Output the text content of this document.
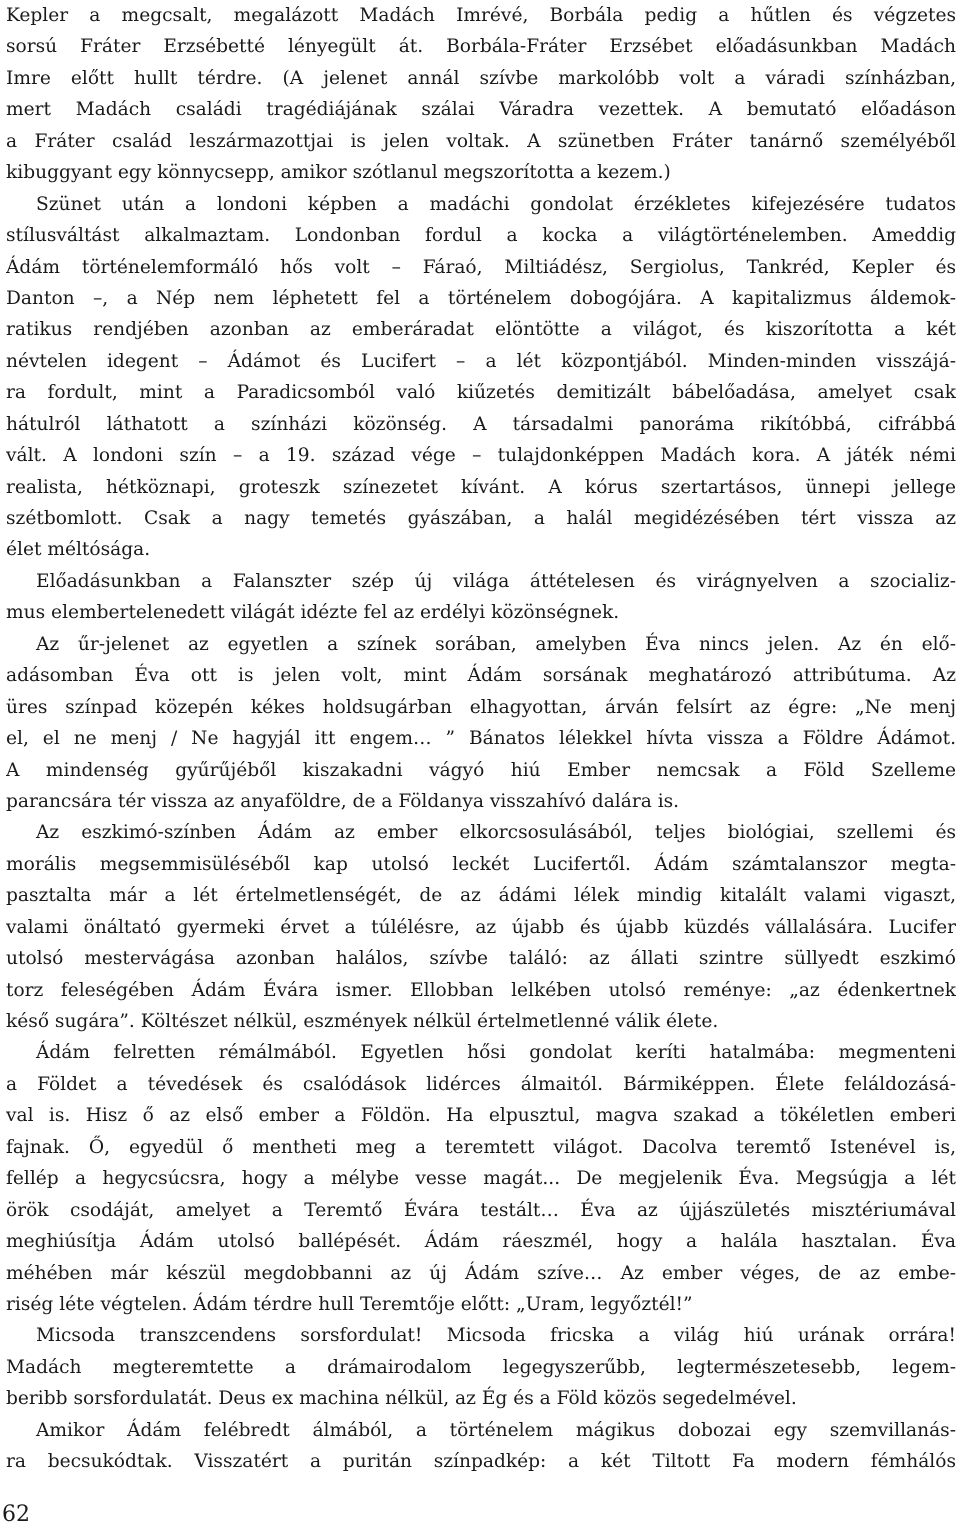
Kepler a megcsalt, megalázott Madách Imrévé, Borbála pedig a hűtlen és végzetes
sorsú Fráter Erzsébetté lényegült át. Borbála-Fráter Erzsébet előadásunkban Madách
Imre előtt hullt térdre. (A jelenet annál szívbe markolóbb volt a váradi színházban,
mert Madách családi tragédiájának szálai Váradra vezettek. A bemutató előadáson
a Fráter család leszármazottjai is jelen voltak. A szünetben Fráter tanárnő személyéből
kibuggyant egy könnycsepp, amikor szótlanul megszorította a kezem.)
Szünet után a londoni képben a madáchi gondolat érzékletes kifejezésére tudatos
stílusváltást alkalmaztam. Londonban fordul a kocka a világtörténelemben. Ameddig
Ádám történelemformáló hős volt – Fáraó, Miltiádész, Sergiolus, Tankréd, Kepler és
Danton –, a Nép nem léphetett fel a történelem dobogójára. A kapitalizmus áldemok-
ratikus rendjében azonban az emberáradat elöntötte a világot, és kiszorította a két
névtelen idegent – Ádámot és Lucifert – a lét központjából. Minden-minden visszájá-
ra fordult, mint a Paradicsomból való kiűzetés demitizált bábelőadása, amelyet csak
hátulról láthatott a színházi közönség. A társadalmi panoráma rikítóbbá, cifrábbá
vált. A londoni szín – a 19. század vége – tulajdonképpen Madách kora. A játék némi
realista, hétköznapi, groteszk színezetet kívánt. A kórus szertartásos, ünnepi jellege
szétbomlott. Csak a nagy temetés gyászában, a halál megidézésében tért vissza az
élet méltósága.
Előadásunkban a Falanszter szép új világa áttételesen és virágnyelven a szocializ-
mus elembertelenedett világát idézte fel az erdélyi közönségnek.
Az űr-jelenet az egyetlen a színek sorában, amelyben Éva nincs jelen. Az én elő-
adásomban Éva ott is jelen volt, mint Ádám sorsának meghatározó attribútuma. Az
üres színpad közepén kékes holdsugárban elhagyottan, árván felsírt az égre: „Ne menj
el, el ne menj / Ne hagyjál itt engem… ” Bánatos lélekkel hívta vissza a Földre Ádámot.
A mindenség gyűrűjéből kiszakadni vágyó hiú Ember nemcsak a Föld Szelleme
parancsára tér vissza az anyaföldre, de a Földanya visszahívó dalára is.
Az eszkimó-színben Ádám az ember elkorcsosulásából, teljes biológiai, szellemi és
morális megsemmisüléséből kap utolsó leckét Lucifertől. Ádám számtalanszor megta-
pasztalta már a lét értelmetlenségét, de az ádámi lélek mindig kitalált valami vigaszt,
valami önáltató gyermeki érvet a túlélésre, az újabb és újabb küzdés vállalására. Lucifer
utolsó mestervágása azonban halálos, szívbe találó: az állati szintre süllyedt eszkimó
torz feleségében Ádám Évára ismer. Ellobban lelkében utolsó reménye: „az édenkertnek
késő sugára”. Költészet nélkül, eszmények nélkül értelmetlenné válik élete.
Ádám felretten rémálmából. Egyetlen hősi gondolat keríti hatalmába: megmenteni
a Földet a tévedések és csalódások lidérces álmaitól. Bármiképpen. Élete feláldozásá-
val is. Hisz ő az első ember a Földön. Ha elpusztul, magva szakad a tökéletlen emberi
fajnak. Ő, egyedül ő mentheti meg a teremtett világot. Dacolva teremtő Istenével is,
fellép a hegycsúcsra, hogy a mélybe vesse magát... De megjelenik Éva. Megsúgja a lét
örök csodáját, amelyet a Teremtő Évára testált… Éva az újjászületés misztériumával
meghiúsítja Ádám utolsó ballépését. Ádám ráeszmél, hogy a halála hasztalan. Éva
méhében már készül megdobbanni az új Ádám szíve… Az ember véges, de az embe-
riség léte végtelen. Ádám térdre hull Teremtője előtt: „Uram, legyőztél!”
Micsoda transzcendens sorsfordulat! Micsoda fricska a világ hiú urának orrára!
Madách megteremtette a drámairodalom legegyszerűbb, legtermészetesebb, legem-
beribb sorsfordulatát. Deus ex machina nélkül, az Ég és a Föld közös segedelmével.
Amikor Ádám felébredt álmából, a történelem mágikus dobozai egy szemvillanás-
ra becsukódtak. Visszatért a puritán színpadkép: a két Tiltott Fa modern fémhálós
62
